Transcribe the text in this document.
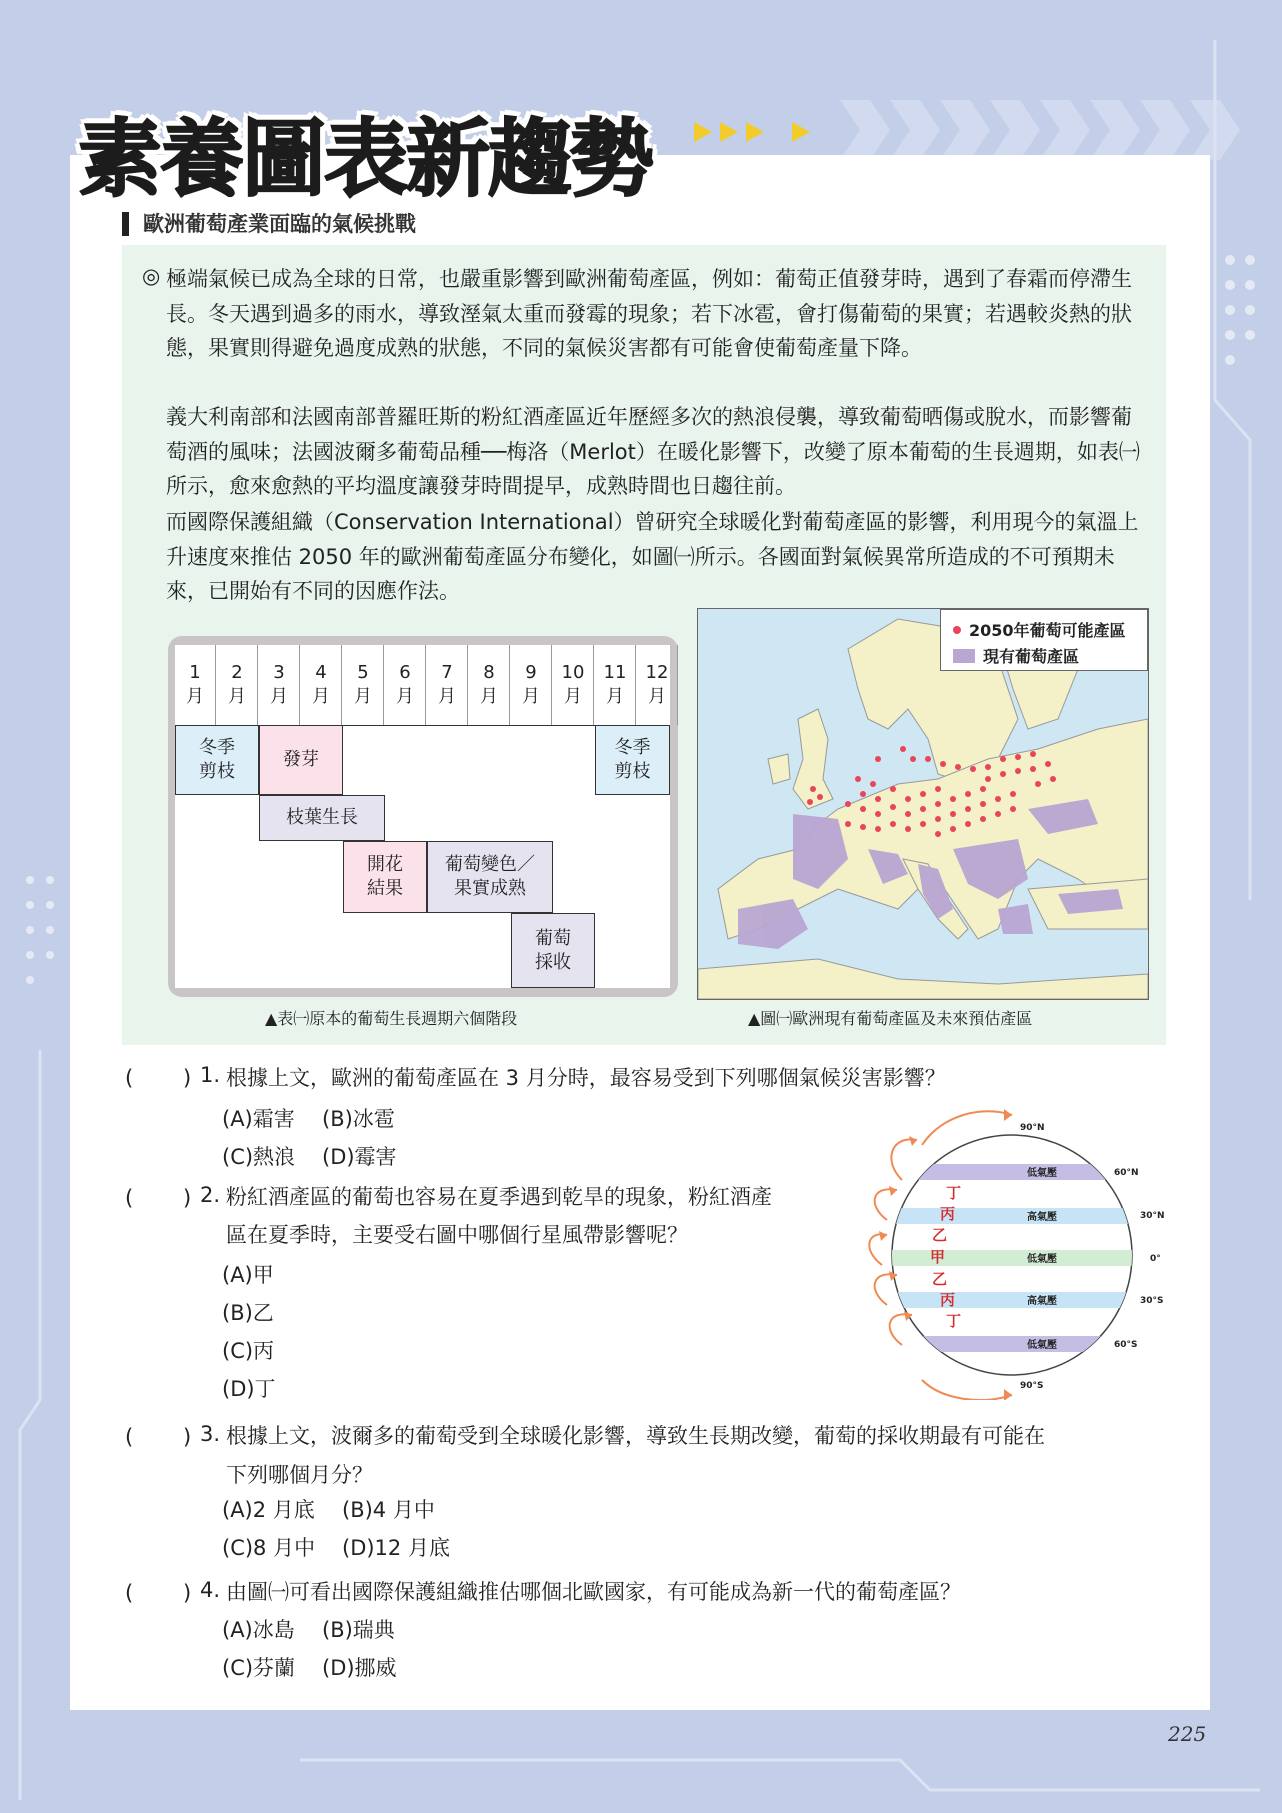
素養圖表新趨勢
歐洲葡萄產業面臨的氣候挑戰
◎ 極端氣候已成為全球的日常，也嚴重影響到歐洲葡萄產區，例如：葡萄正值發芽時，遇到了春霜而停滯生長。冬天遇到過多的雨水，導致溼氣太重而發霉的現象；若下冰雹，會打傷葡萄的果實；若遇較炎熱的狀態，果實則得避免過度成熟的狀態，不同的氣候災害都有可能會使葡萄產量下降。

義大利南部和法國南部普羅旺斯的粉紅酒產區近年歷經多次的熱浪侵襲，導致葡萄晒傷或脫水，而影響葡萄酒的風味；法國波爾多葡萄品種──梅洛（Merlot）在暖化影響下，改變了原本葡萄的生長週期，如表㈠所示，愈來愈熱的平均溫度讓發芽時間提早，成熟時間也日趨往前。

而國際保護組織（Conservation International）曾研究全球暖化對葡萄產區的影響，利用現今的氣溫上升速度來推估 2050 年的歐洲葡萄產區分布變化，如圖㈠所示。各國面對氣候異常所造成的不可預期未來，已開始有不同的因應作法。

1
月
2
月
3
月
4
月
5
月
6
月
7
月
8
月
9
月
10
月
11
月
12
月
冬季
剪枝
發芽
冬季
剪枝
枝葉生長
開花
結果
葡萄變色／
果實成熟
葡萄
採收
▲表㈠原本的葡萄生長週期六個階段
2050年葡萄可能產區
現有葡萄產區
▲圖㈠歐洲現有葡萄產區及未來預估產區
( ) 1. 根據上文，歐洲的葡萄產區在 3 月分時，最容易受到下列哪個氣候災害影響？
(A)霜害 (B)冰雹
(C)熱浪 (D)霉害
( ) 2. 粉紅酒產區的葡萄也容易在夏季遇到乾旱的現象，粉紅酒產
區在夏季時，主要受右圖中哪個行星風帶影響呢？
(A)甲
(B)乙
(C)丙
(D)丁
低氣壓
高氣壓
低氣壓
高氣壓
低氣壓
90°N
60°N
30°N
0°
30°S
60°S
90°S
丁
丙
乙
甲
乙
丙
丁
( ) 3. 根據上文，波爾多的葡萄受到全球暖化影響，導致生長期改變，葡萄的採收期最有可能在
下列哪個月分？
(A)2 月底 (B)4 月中
(C)8 月中 (D)12 月底
( ) 4. 由圖㈠可看出國際保護組織推估哪個北歐國家，有可能成為新一代的葡萄產區？
(A)冰島 (B)瑞典
(C)芬蘭 (D)挪威
225
